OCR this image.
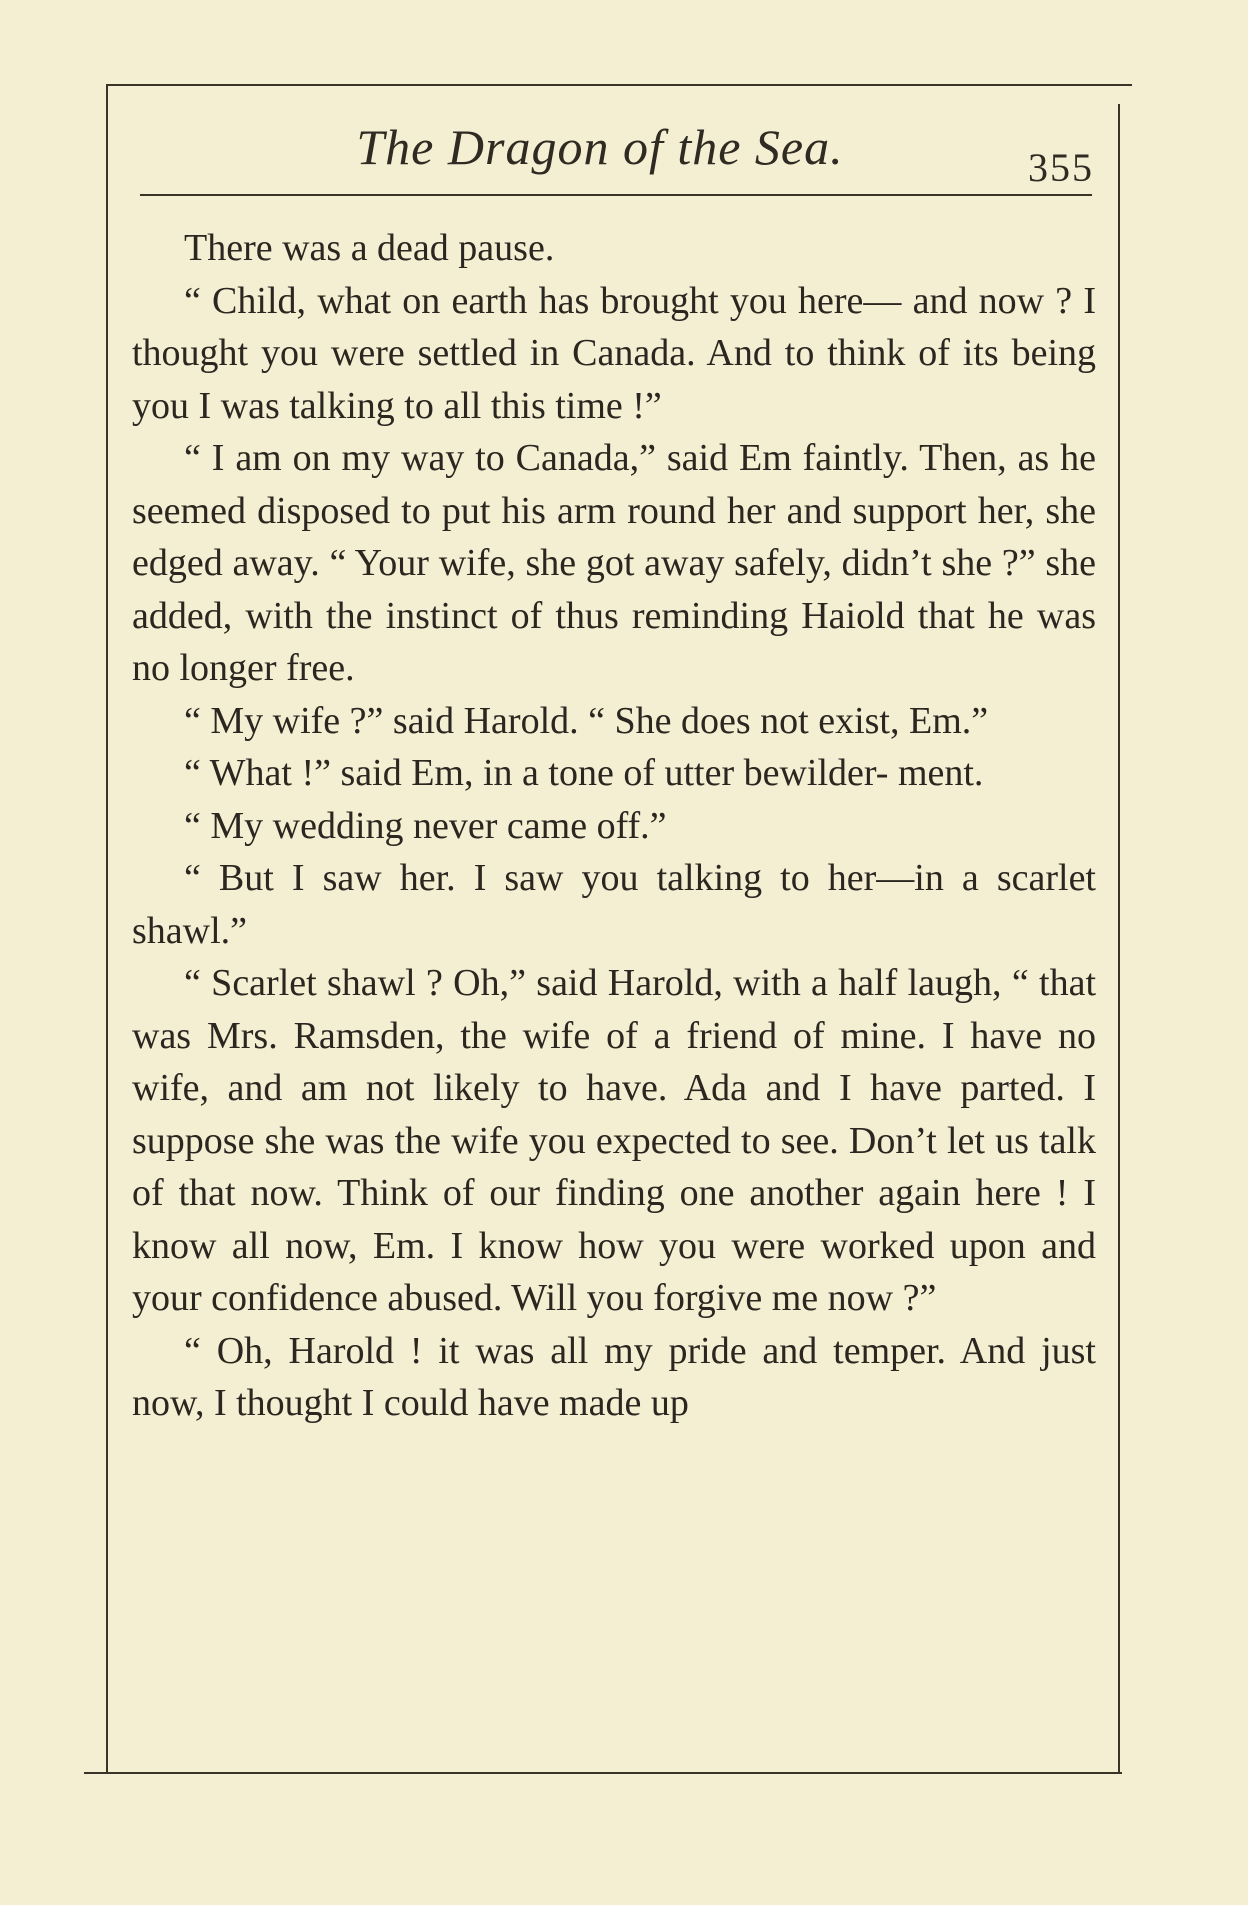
The Dragon of the Sea.	355

There was a dead pause.

“ Child, what on earth has brought you here— and now ? I thought you were settled in Canada. And to think of its being you I was talking to all this time !”

“ I am on my way to Canada,” said Em faintly. Then, as he seemed disposed to put his arm round her and support her, she edged away. “ Your wife, she got away safely, didn’t she ?” she added, with the instinct of thus reminding Haiold that he was no longer free.

“ My wife ?” said Harold. “ She does not exist, Em.”

“ What !” said Em, in a tone of utter bewilder- ment.

“ My wedding never came off.”

“ But I saw her. I saw you talking to her—in a scarlet shawl.”

“ Scarlet shawl ? Oh,” said Harold, with a half laugh, “ that was Mrs. Ramsden, the wife of a friend of mine. I have no wife, and am not likely to have. Ada and I have parted. I suppose she was the wife you expected to see. Don’t let us talk of that now. Think of our finding one another again here ! I know all now, Em. I know how you were worked upon and your confidence abused. Will you forgive me now ?”

“ Oh, Harold ! it was all my pride and temper. And just now, I thought I could have made up
